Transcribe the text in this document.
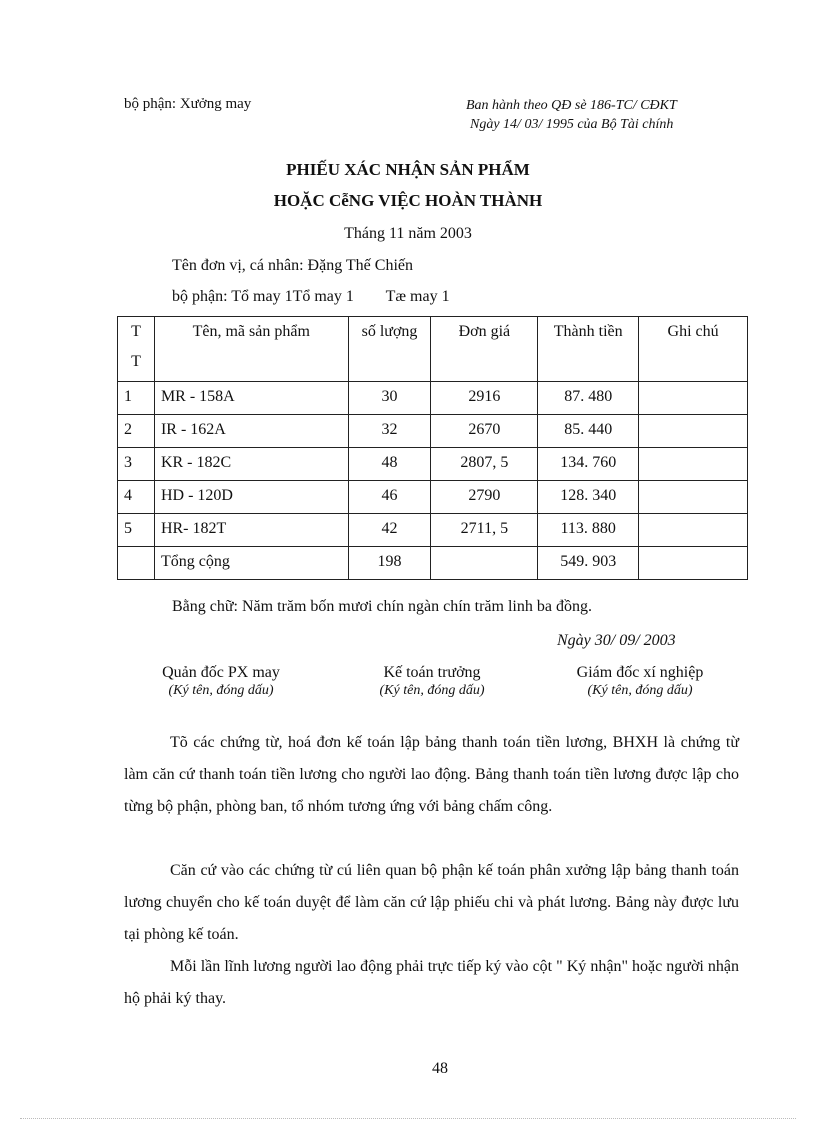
bộ phận: Xưởng may	Ban hành theo QĐ sè 186-TC/ CĐKT
Ngày 14/ 03/ 1995 của Bộ Tài chính
PHIẾU XÁC NHẬN SẢN PHẨM
HOẶC CễNG VIỆC HOÀN THÀNH
Tháng 11 năm 2003
Tên đơn vị, cá nhân: Đặng Thế Chiến
bộ phận: Tổ may 1Tổ may 1        Tæ may 1
T T	Tên, mã sản phẩm	số lượng	Đơn giá	Thành tiền	Ghi chú
1	MR - 158A	30	2916	87. 480	
2	IR - 162A	32	2670	85. 440	
3	KR - 182C	48	2807, 5	134. 760	
4	HD - 120D	46	2790	128. 340	
5	HR- 182T	42	2711, 5	113. 880	
	Tổng cộng	198		549. 903	
Bằng chữ: Năm trăm bốn mươi chín ngàn chín trăm linh ba đồng.
Ngày 30/ 09/ 2003
Quản đốc PX may
(Ký tên, đóng dấu)
Kế toán trưởng
(Ký tên, đóng dấu)
Giám đốc xí nghiệp
(Ký tên, đóng dấu)

Tõ các chứng từ, hoá đơn kế toán lập bảng thanh toán tiền lương, BHXH là chứng từ làm căn cứ thanh toán tiền lương cho người lao động. Bảng thanh toán tiền lương được lập cho từng bộ phận, phòng ban, tổ nhóm tương ứng với bảng chấm công.

Căn cứ vào các chứng từ cú liên quan bộ phận kế toán phân xưởng lập bảng thanh toán lương chuyển cho kế toán duyệt để làm căn cứ lập phiếu chi và phát lương. Bảng này được lưu tại phòng kế toán.

Mỗi lần lĩnh lương người lao động phải trực tiếp ký vào cột " Ký nhận" hoặc người nhận hộ phải ký thay.

48
